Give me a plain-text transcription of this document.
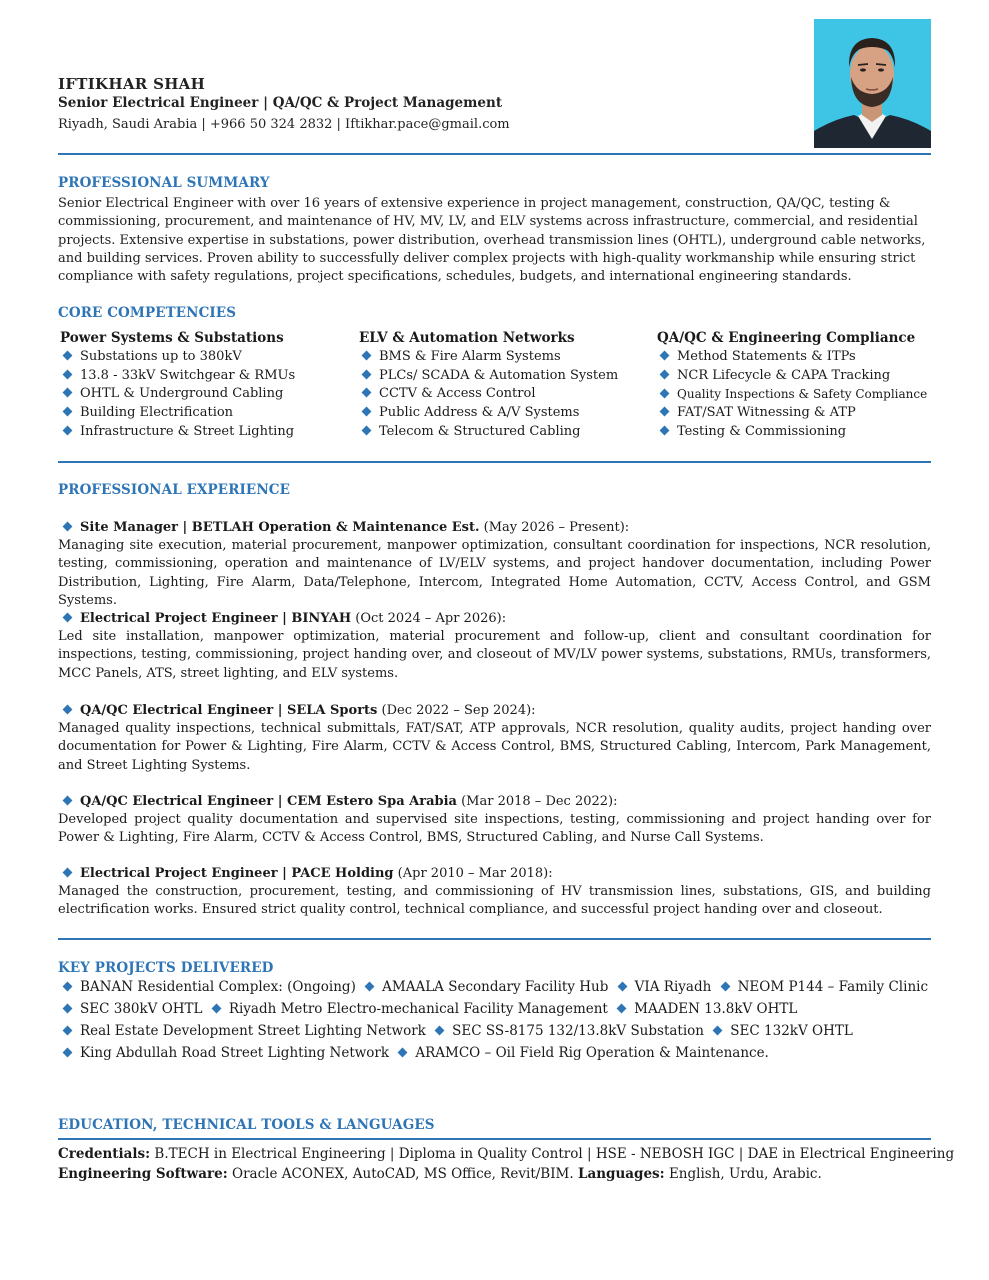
IFTIKHAR SHAH
Senior Electrical Engineer | QA/QC & Project Management
Riyadh, Saudi Arabia | +966 50 324 2832 | Iftikhar.pace@gmail.com
PROFESSIONAL SUMMARY
Senior Electrical Engineer with over 16 years of extensive experience in project management, construction, QA/QC, testing &
commissioning, procurement, and maintenance of HV, MV, LV, and ELV systems across infrastructure, commercial, and residential
projects. Extensive expertise in substations, power distribution, overhead transmission lines (OHTL), underground cable networks,
and building services. Proven ability to successfully deliver complex projects with high-quality workmanship while ensuring strict
compliance with safety regulations, project specifications, schedules, budgets, and international engineering standards.
CORE COMPETENCIES
Power Systems & Substations
Substations up to 380kV
13.8 - 33kV Switchgear & RMUs
OHTL & Underground Cabling
Building Electrification
Infrastructure & Street Lighting
ELV & Automation Networks
BMS & Fire Alarm Systems
PLCs/ SCADA & Automation System
CCTV & Access Control
Public Address & A/V Systems
Telecom & Structured Cabling
QA/QC & Engineering Compliance
Method Statements & ITPs
NCR Lifecycle & CAPA Tracking
Quality Inspections & Safety Compliance
FAT/SAT Witnessing & ATP
Testing & Commissioning
PROFESSIONAL EXPERIENCE
Site Manager | BETLAH Operation & Maintenance Est. (May 2026 – Present):
Managing site execution, material procurement, manpower optimization, consultant coordination for inspections, NCR resolution, testing, commissioning, operation and maintenance of LV/ELV systems, and project handover documentation, including Power Distribution, Lighting, Fire Alarm, Data/Telephone, Intercom, Integrated Home Automation, CCTV, Access Control, and GSM Systems.
Electrical Project Engineer | BINYAH (Oct 2024 – Apr 2026):
Led site installation, manpower optimization, material procurement and follow-up, client and consultant coordination for inspections, testing, commissioning, project handing over, and closeout of MV/LV power systems, substations, RMUs, transformers, MCC Panels, ATS, street lighting, and ELV systems.
QA/QC Electrical Engineer | SELA Sports (Dec 2022 – Sep 2024):
Managed quality inspections, technical submittals, FAT/SAT, ATP approvals, NCR resolution, quality audits, project handing over documentation for Power & Lighting, Fire Alarm, CCTV & Access Control, BMS, Structured Cabling, Intercom, Park Management, and Street Lighting Systems.
QA/QC Electrical Engineer | CEM Estero Spa Arabia (Mar 2018 – Dec 2022):
Developed project quality documentation and supervised site inspections, testing, commissioning and project handing over for Power & Lighting, Fire Alarm, CCTV & Access Control, BMS, Structured Cabling, and Nurse Call Systems.
Electrical Project Engineer | PACE Holding (Apr 2010 – Mar 2018):
Managed the construction, procurement, testing, and commissioning of HV transmission lines, substations, GIS, and building electrification works. Ensured strict quality control, technical compliance, and successful project handing over and closeout.
KEY PROJECTS DELIVERED
BANAN Residential Complex: (Ongoing) AMAALA Secondary Facility Hub VIA Riyadh NEOM P144 – Family Clinic
SEC 380kV OHTL Riyadh Metro Electro-mechanical Facility Management MAADEN 13.8kV OHTL
Real Estate Development Street Lighting Network SEC SS-8175 132/13.8kV Substation SEC 132kV OHTL
King Abdullah Road Street Lighting Network ARAMCO – Oil Field Rig Operation & Maintenance.
EDUCATION, TECHNICAL TOOLS & LANGUAGES
Credentials: B.TECH in Electrical Engineering | Diploma in Quality Control | HSE - NEBOSH IGC | DAE in Electrical Engineering
Engineering Software: Oracle ACONEX, AutoCAD, MS Office, Revit/BIM. Languages: English, Urdu, Arabic.
